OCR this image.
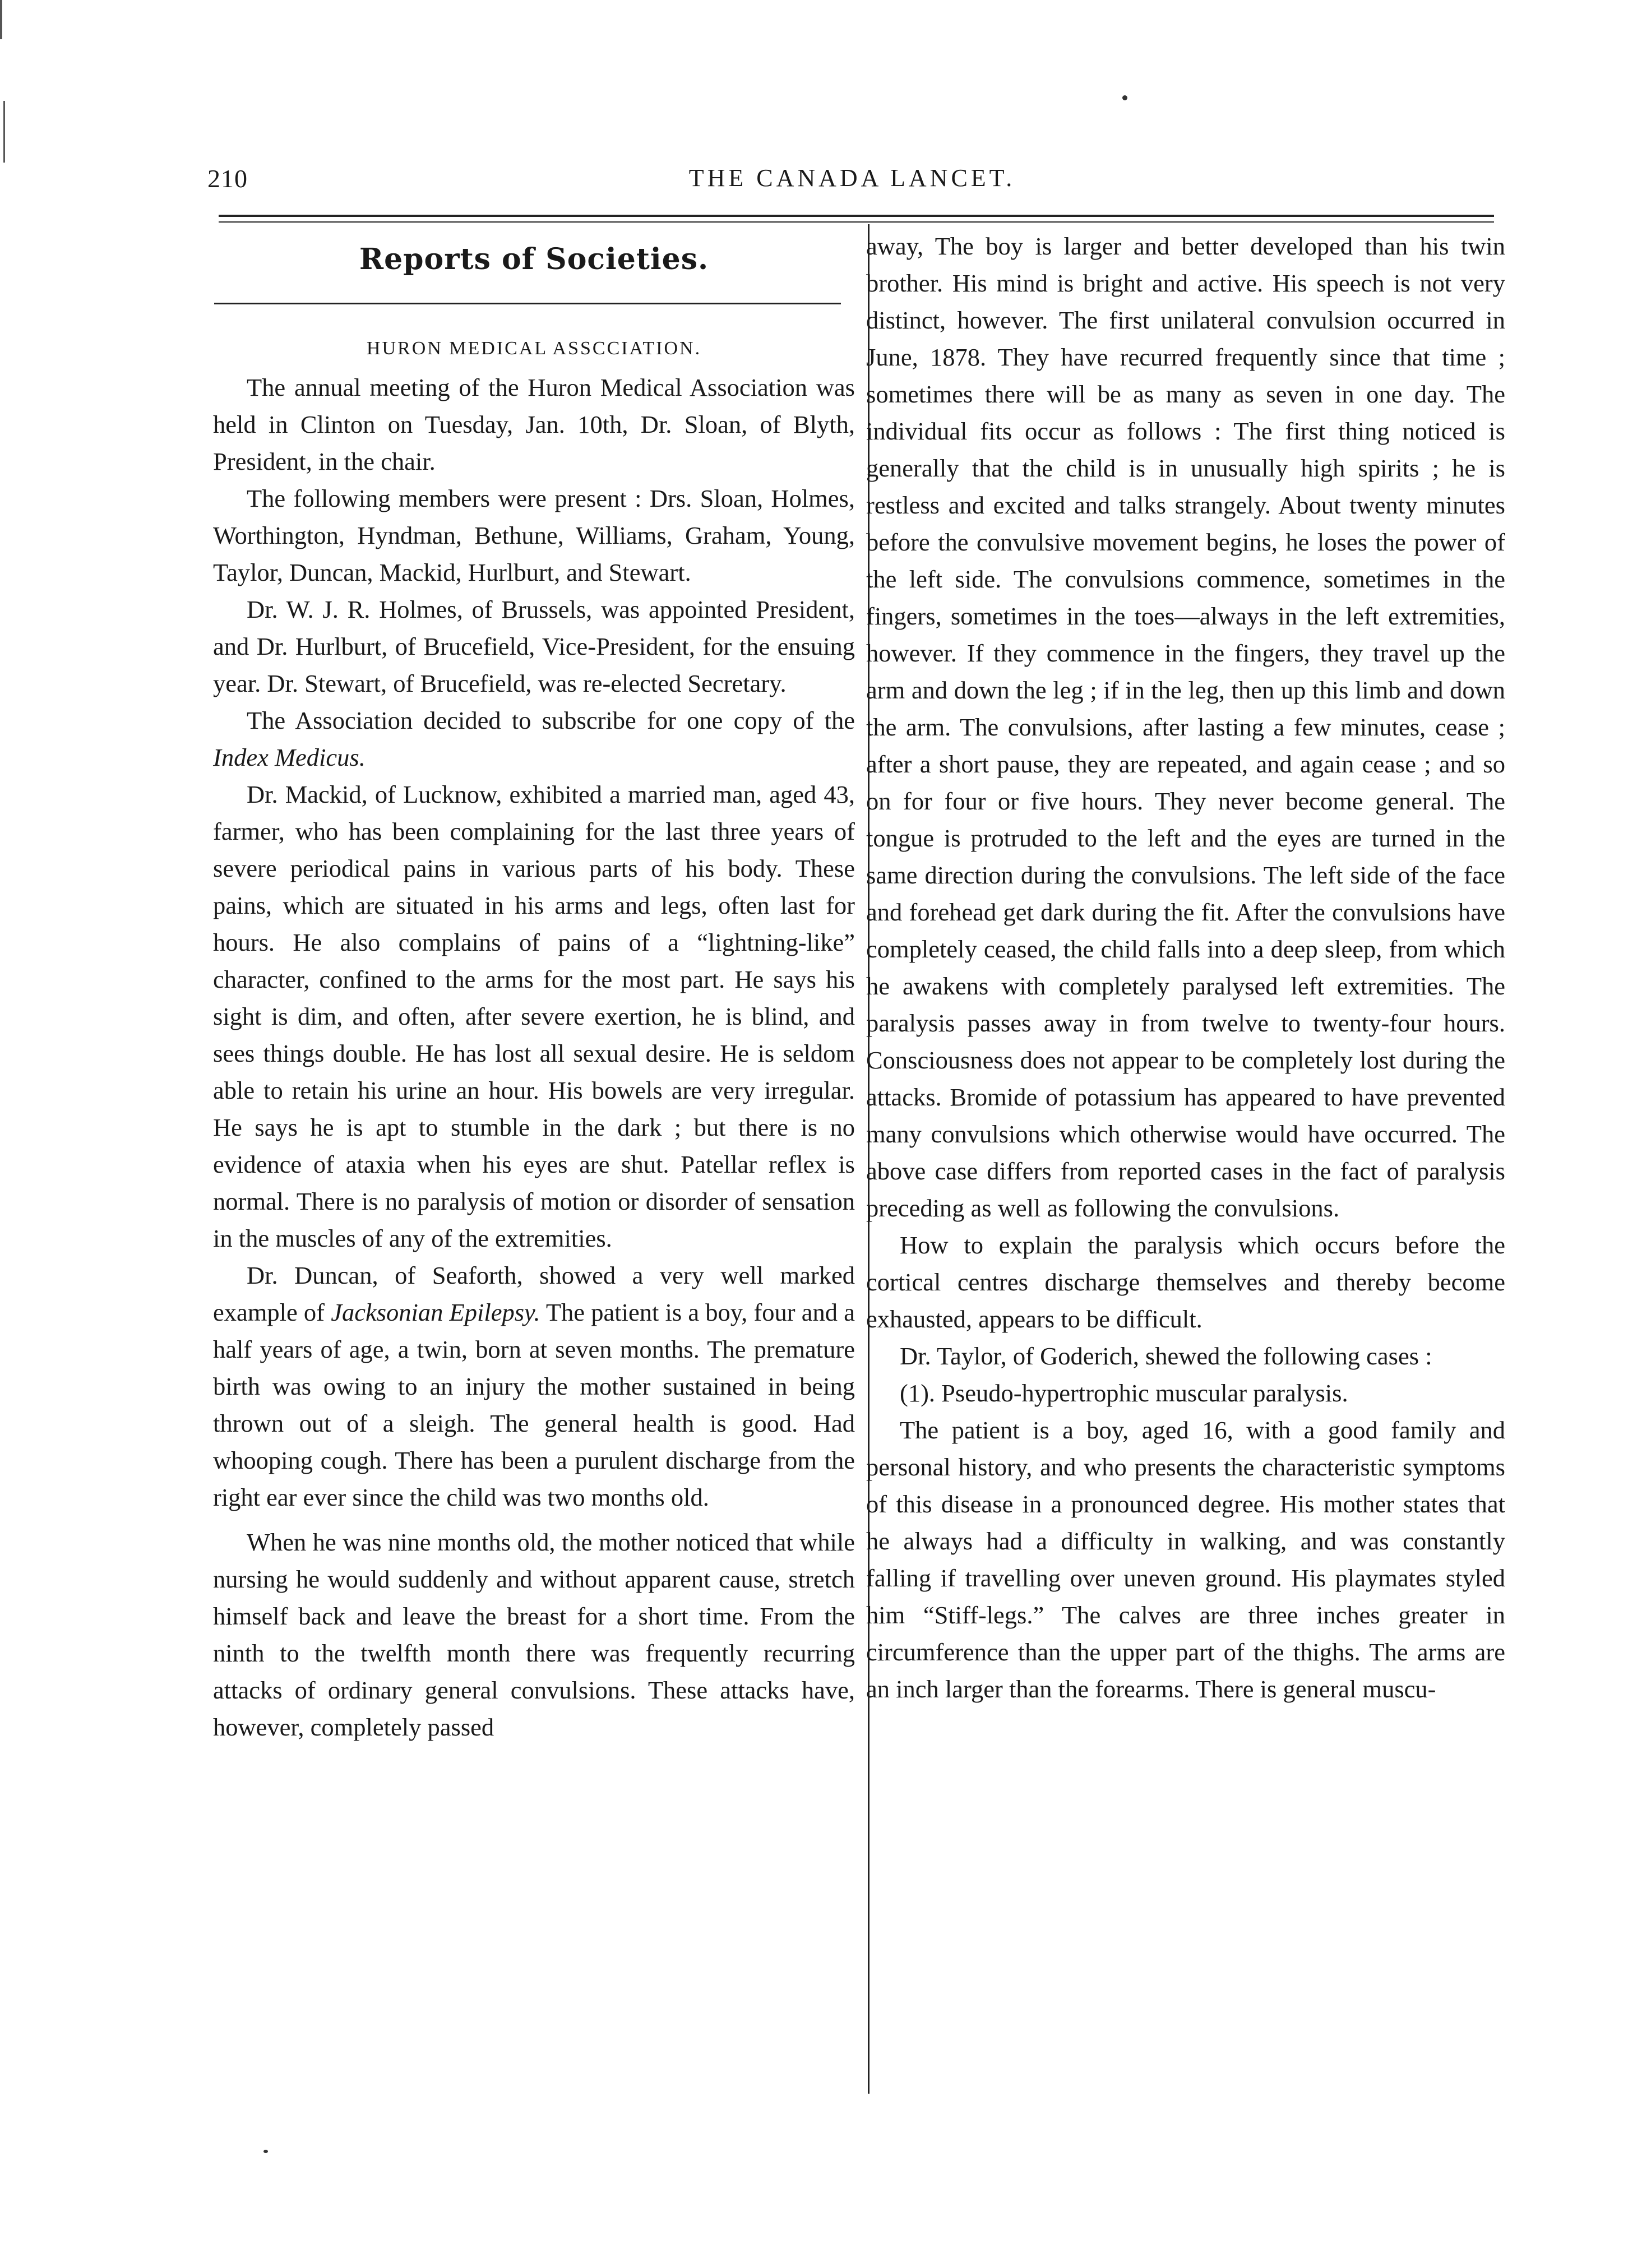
210	THE CANADA LANCET.
Reports of Societies.
HURON MEDICAL ASSCCIATION.

The annual meeting of the Huron Medical Association was held in Clinton on Tuesday, Jan. 10th, Dr. Sloan, of Blyth, President, in the chair.

The following members were present : Drs. Sloan, Holmes, Worthington, Hyndman, Bethune, Williams, Graham, Young, Taylor, Duncan, Mackid, Hurlburt, and Stewart.

Dr. W. J. R. Holmes, of Brussels, was appointed President, and Dr. Hurlburt, of Brucefield, Vice-President, for the ensuing year. Dr. Stewart, of Brucefield, was re-elected Secretary.

The Association decided to subscribe for one copy of the Index Medicus.

Dr. Mackid, of Lucknow, exhibited a married man, aged 43, farmer, who has been complaining for the last three years of severe periodical pains in various parts of his body. These pains, which are situated in his arms and legs, often last for hours. He also complains of pains of a “lightning-like” character, confined to the arms for the most part. He says his sight is dim, and often, after severe exertion, he is blind, and sees things double. He has lost all sexual desire. He is seldom able to retain his urine an hour. His bowels are very irregular. He says he is apt to stumble in the dark ; but there is no evidence of ataxia when his eyes are shut. Patellar reflex is normal. There is no paralysis of motion or disorder of sensation in the muscles of any of the extremities.

Dr. Duncan, of Seaforth, showed a very well marked example of Jacksonian Epilepsy. The patient is a boy, four and a half years of age, a twin, born at seven months. The premature birth was owing to an injury the mother sustained in being thrown out of a sleigh. The general health is good. Had whooping cough. There has been a purulent discharge from the right ear ever since the child was two months old.

When he was nine months old, the mother noticed that while nursing he would suddenly and without apparent cause, stretch himself back and leave the breast for a short time. From the ninth to the twelfth month there was frequently recurring attacks of ordinary general convulsions. These attacks have, however, completely passed

away, The boy is larger and better developed than his twin brother. His mind is bright and active. His speech is not very distinct, however. The first unilateral convulsion occurred in June, 1878. They have recurred frequently since that time ; sometimes there will be as many as seven in one day. The individual fits occur as follows : The first thing noticed is generally that the child is in unusually high spirits ; he is restless and excited and talks strangely. About twenty minutes before the convulsive movement begins, he loses the power of the left side. The convulsions commence, sometimes in the fingers, sometimes in the toes—always in the left extremities, however. If they commence in the fingers, they travel up the arm and down the leg ; if in the leg, then up this limb and down the arm. The convulsions, after lasting a few minutes, cease ; after a short pause, they are repeated, and again cease ; and so on for four or five hours. They never become general. The tongue is protruded to the left and the eyes are turned in the same direction during the convulsions. The left side of the face and forehead get dark during the fit. After the convulsions have completely ceased, the child falls into a deep sleep, from which he awakens with completely paralysed left extremities. The paralysis passes away in from twelve to twenty-four hours. Consciousness does not appear to be completely lost during the attacks. Bromide of potassium has appeared to have prevented many convulsions which otherwise would have occurred. The above case differs from reported cases in the fact of paralysis preceding as well as following the convulsions.

How to explain the paralysis which occurs before the cortical centres discharge themselves and thereby become exhausted, appears to be difficult.

Dr. Taylor, of Goderich, shewed the following cases :

(1). Pseudo-hypertrophic muscular paralysis.

The patient is a boy, aged 16, with a good family and personal history, and who presents the characteristic symptoms of this disease in a pronounced degree. His mother states that he always had a difficulty in walking, and was constantly falling if travelling over uneven ground. His playmates styled him “Stiff-legs.” The calves are three inches greater in circumference than the upper part of the thighs. The arms are an inch larger than the forearms. There is general muscu-
